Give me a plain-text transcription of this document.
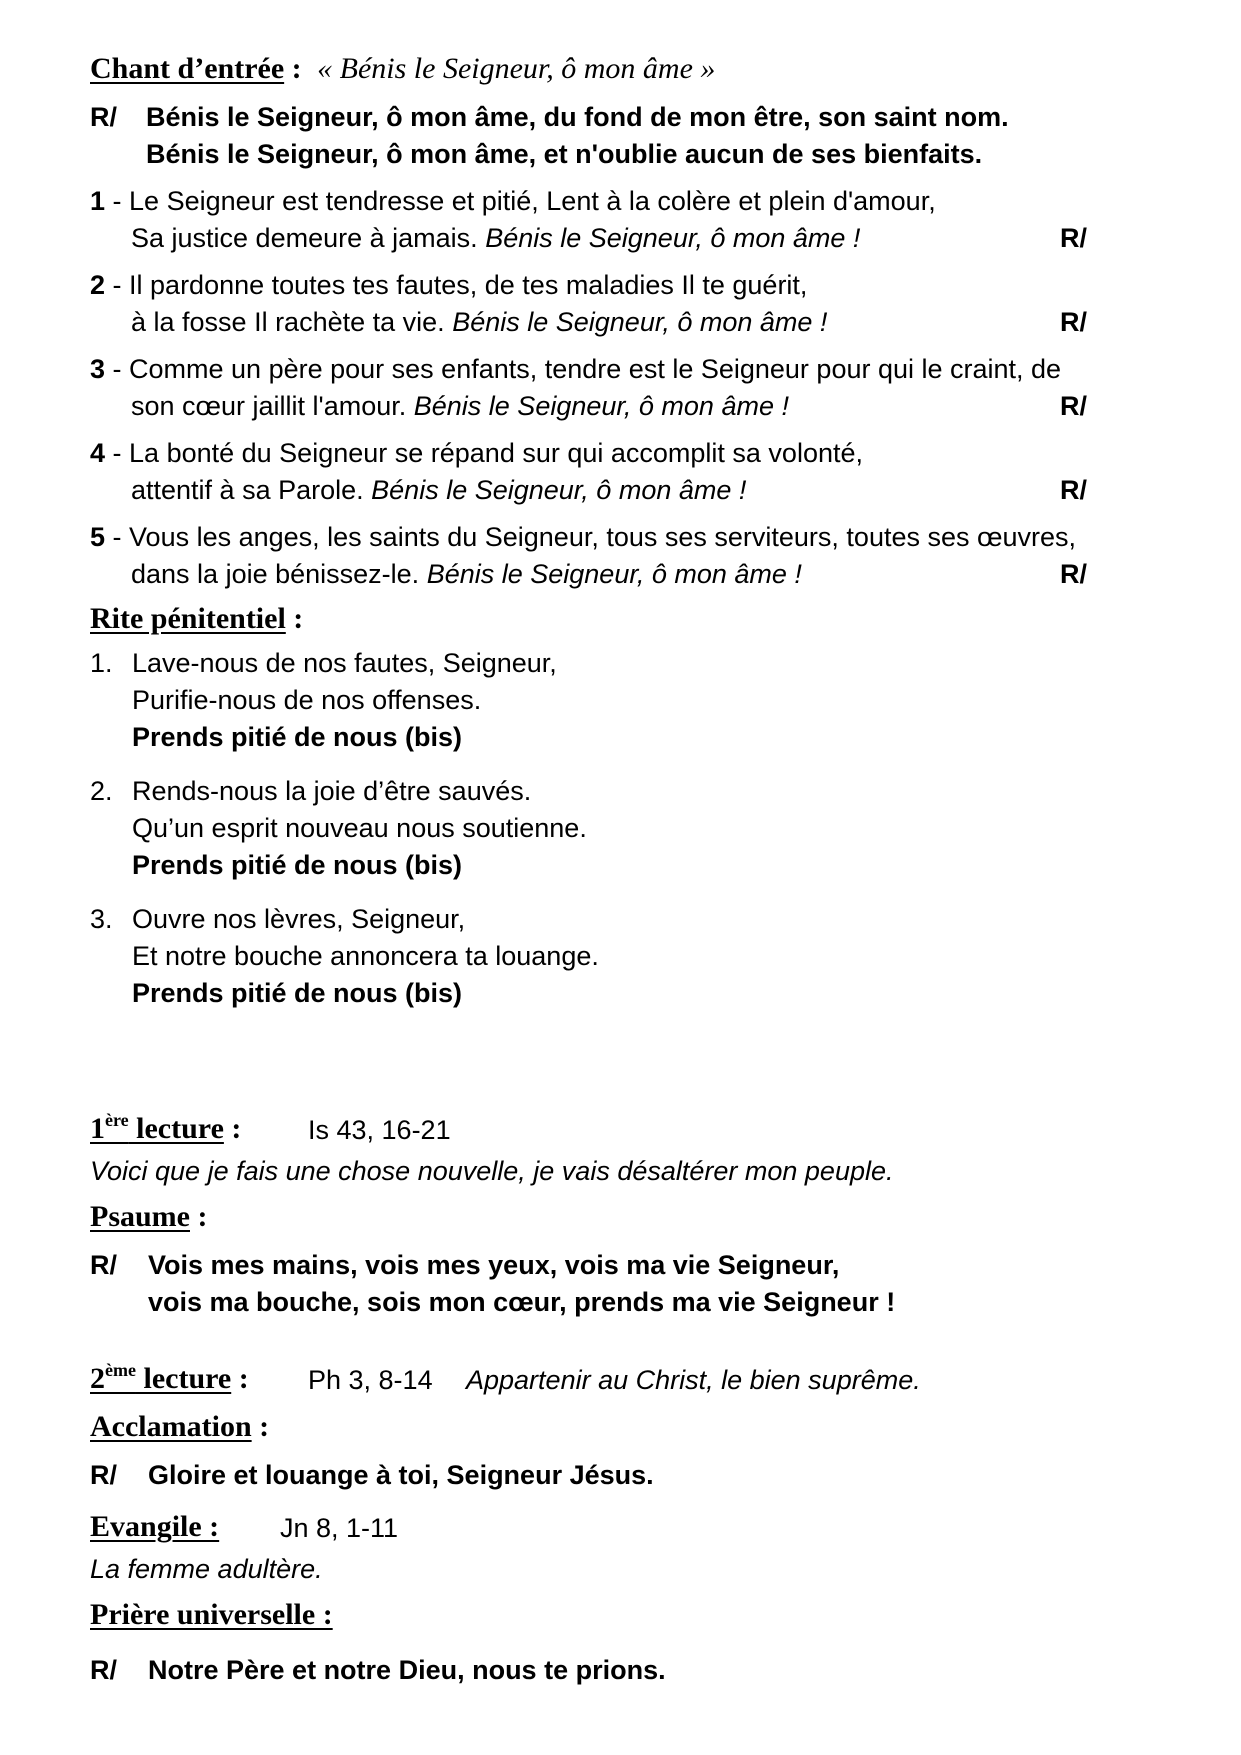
Chant d’entrée : « Bénis le Seigneur, ô mon âme »
R/ Bénis le Seigneur, ô mon âme, du fond de mon être, son saint nom.
Bénis le Seigneur, ô mon âme, et n'oublie aucun de ses bienfaits.
1 - Le Seigneur est tendresse et pitié, Lent à la colère et plein d'amour,
Sa justice demeure à jamais. Bénis le Seigneur, ô mon âme !	R/
2 - Il pardonne toutes tes fautes, de tes maladies Il te guérit,
à la fosse Il rachète ta vie. Bénis le Seigneur, ô mon âme !	R/
3 - Comme un père pour ses enfants, tendre est le Seigneur pour qui le craint, de
son cœur jaillit l'amour. Bénis le Seigneur, ô mon âme !	R/
4 - La bonté du Seigneur se répand sur qui accomplit sa volonté,
attentif à sa Parole. Bénis le Seigneur, ô mon âme !	R/
5 - Vous les anges, les saints du Seigneur, tous ses serviteurs, toutes ses œuvres,
dans la joie bénissez-le. Bénis le Seigneur, ô mon âme !	R/
Rite pénitentiel :
1. Lave-nous de nos fautes, Seigneur,
Purifie-nous de nos offenses.
Prends pitié de nous (bis)
2. Rends-nous la joie d’être sauvés.
Qu’un esprit nouveau nous soutienne.
Prends pitié de nous (bis)
3. Ouvre nos lèvres, Seigneur,
Et notre bouche annoncera ta louange.
Prends pitié de nous (bis)
1ère lecture : Is 43, 16-21
Voici que je fais une chose nouvelle, je vais désaltérer mon peuple.
Psaume :
R/ Vois mes mains, vois mes yeux, vois ma vie Seigneur,
vois ma bouche, sois mon cœur, prends ma vie Seigneur !
2ème lecture : Ph 3, 8-14 Appartenir au Christ, le bien suprême.
Acclamation :
R/ Gloire et louange à toi, Seigneur Jésus.
Evangile : Jn 8, 1-11
La femme adultère.
Prière universelle :
R/ Notre Père et notre Dieu, nous te prions.
